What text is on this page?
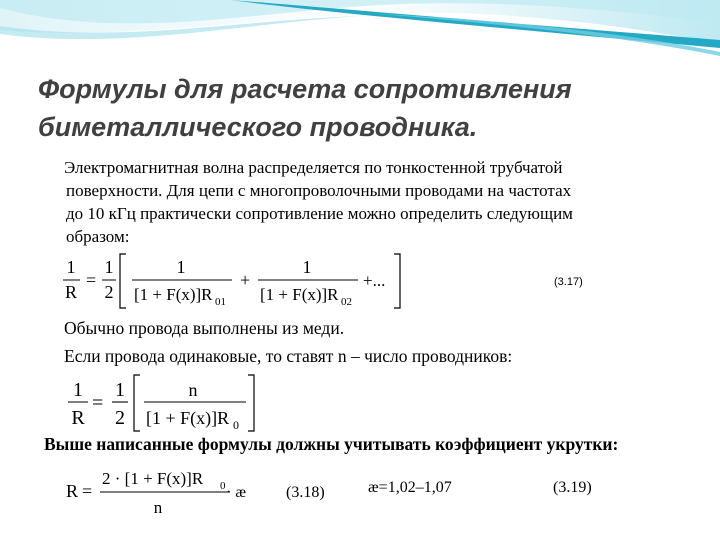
Формулы для расчета сопротивления
биметаллического проводника.
Электромагнитная волна распределяется по тонкостенной трубчатой
поверхности. Для цепи с многопроволочными проводами на частотах
до 10 кГц практически сопротивление можно определить следующим
образом:
1
R
=
1
2
1
[1 + F(x)]R 01
+
1
[1 + F(x)]R 02
+...	(3.17)
Обычно провода выполнены из меди.
Если провода одинаковые, то ставят n – число проводников:
1
R
=
1
2
n
[1 + F(x)]R 0
Выше написанные формулы должны учитывать коэффициент укрутки:
R =
2 · [1 + F(x)]R 0
n
· æ	(3.18)	æ=1,02–1,07	(3.19)
